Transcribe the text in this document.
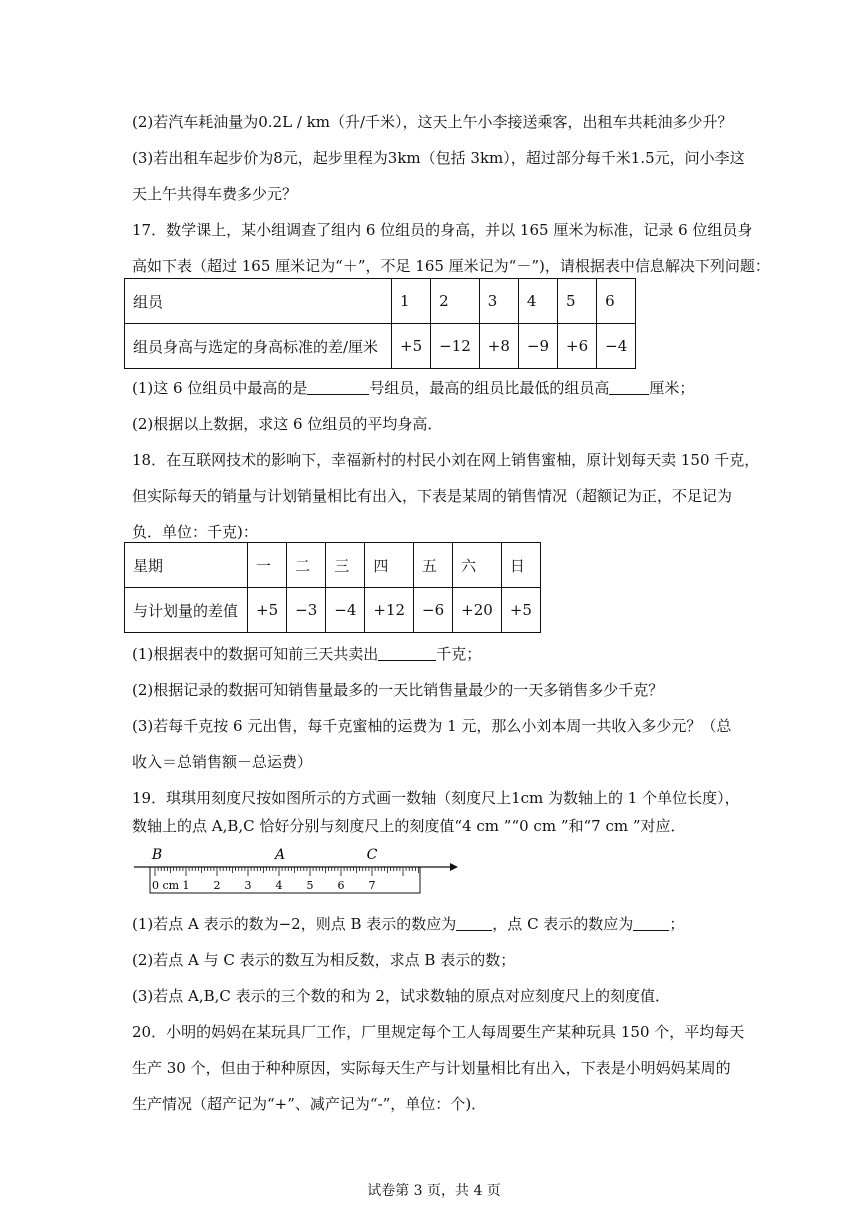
(2)若汽车耗油量为0.2L / km（升/千米），这天上午小李接送乘客，出租车共耗油多少升？
(3)若出租车起步价为8元，起步里程为3km（包括 3km），超过部分每千米1.5元，问小李这
天上午共得车费多少元？
17．数学课上，某小组调查了组内 6 位组员的身高，并以 165 厘米为标准，记录 6 位组员身
高如下表（超过 165 厘米记为“＋”，不足 165 厘米记为“－”)，请根据表中信息解决下列问题：
组员	1	2	3	4	5	6
组员身高与选定的身高标准的差/厘米	+5	−12	+8	−9	+6	−4
(1)这 6 位组员中最高的是	号组员，最高的组员比最低的组员高	厘米；
(2)根据以上数据，求这 6 位组员的平均身高．
18．在互联网技术的影响下，幸福新村的村民小刘在网上销售蜜柚，原计划每天卖 150 千克，
但实际每天的销量与计划销量相比有出入，下表是某周的销售情况（超额记为正，不足记为
负．单位：千克)：
星期	一	二	三	四	五	六	日
与计划量的差值	+5	−3	−4	+12	−6	+20	+5
(1)根据表中的数据可知前三天共卖出	千克；
(2)根据记录的数据可知销售量最多的一天比销售量最少的一天多销售多少千克？
(3)若每千克按 6 元出售，每千克蜜柚的运费为 1 元，那么小刘本周一共收入多少元？（总
收入＝总销售额－总运费）
19．琪琪用刻度尺按如图所示的方式画一数轴（刻度尺上1cm 为数轴上的 1 个单位长度），
数轴上的点 A,B,C 恰好分别与刻度尺上的刻度值“4 cm ”“0 cm ”和“7 cm ”对应．
0 cm 1 2 3 4 5 6 7
B	A	C
(1)若点 A 表示的数为−2，则点 B 表示的数应为 ，点 C 表示的数应为 ；
(2)若点 A 与 C 表示的数互为相反数，求点 B 表示的数；
(3)若点 A,B,C 表示的三个数的和为 2，试求数轴的原点对应刻度尺上的刻度值．
20．小明的妈妈在某玩具厂工作，厂里规定每个工人每周要生产某种玩具 150 个，平均每天
生产 30 个，但由于种种原因，实际每天生产与计划量相比有出入，下表是小明妈妈某周的
生产情况（超产记为“+”、减产记为“-”，单位：个)．
试卷第 3 页，共 4 页
